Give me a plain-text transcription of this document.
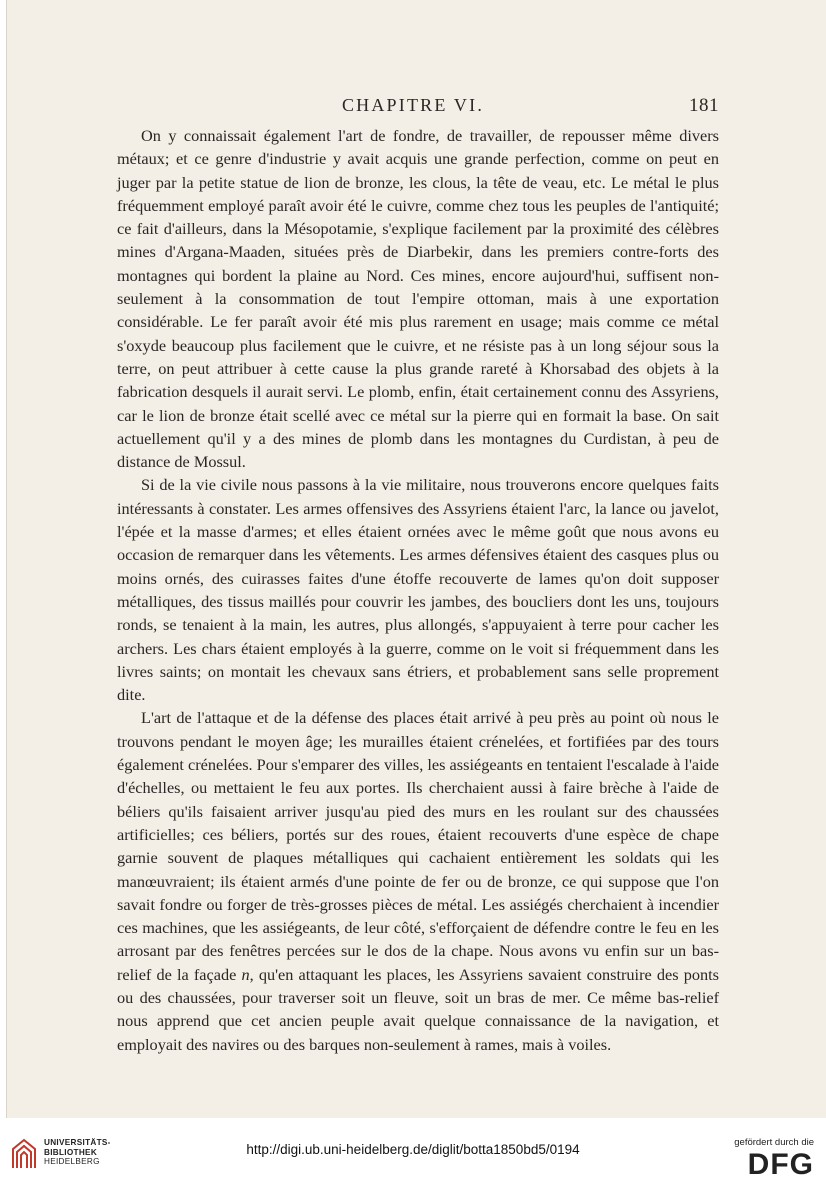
CHAPITRE VI.	181

On y connaissait également l'art de fondre, de travailler, de repousser même divers métaux; et ce genre d'industrie y avait acquis une grande perfection, comme on peut en juger par la petite statue de lion de bronze, les clous, la tête de veau, etc. Le métal le plus fréquemment employé paraît avoir été le cuivre, comme chez tous les peuples de l'antiquité; ce fait d'ailleurs, dans la Mésopotamie, s'explique facilement par la proximité des célèbres mines d'Argana-Maaden, situées près de Diarbekir, dans les premiers contre-forts des montagnes qui bordent la plaine au Nord. Ces mines, encore aujourd'hui, suffisent non-seulement à la consommation de tout l'empire ottoman, mais à une exportation considérable. Le fer paraît avoir été mis plus rarement en usage; mais comme ce métal s'oxyde beaucoup plus facilement que le cuivre, et ne résiste pas à un long séjour sous la terre, on peut attribuer à cette cause la plus grande rareté à Khorsabad des objets à la fabrication desquels il aurait servi. Le plomb, enfin, était certainement connu des Assyriens, car le lion de bronze était scellé avec ce métal sur la pierre qui en formait la base. On sait actuellement qu'il y a des mines de plomb dans les montagnes du Curdistan, à peu de distance de Mossul.

Si de la vie civile nous passons à la vie militaire, nous trouverons encore quelques faits intéressants à constater. Les armes offensives des Assyriens étaient l'arc, la lance ou javelot, l'épée et la masse d'armes; et elles étaient ornées avec le même goût que nous avons eu occasion de remarquer dans les vêtements. Les armes défensives étaient des casques plus ou moins ornés, des cuirasses faites d'une étoffe recouverte de lames qu'on doit supposer métalliques, des tissus maillés pour couvrir les jambes, des boucliers dont les uns, toujours ronds, se tenaient à la main, les autres, plus allongés, s'appuyaient à terre pour cacher les archers. Les chars étaient employés à la guerre, comme on le voit si fréquemment dans les livres saints; on montait les chevaux sans étriers, et probablement sans selle proprement dite.

L'art de l'attaque et de la défense des places était arrivé à peu près au point où nous le trouvons pendant le moyen âge; les murailles étaient crénelées, et fortifiées par des tours également crénelées. Pour s'emparer des villes, les assiégeants en tentaient l'escalade à l'aide d'échelles, ou mettaient le feu aux portes. Ils cherchaient aussi à faire brèche à l'aide de béliers qu'ils faisaient arriver jusqu'au pied des murs en les roulant sur des chaussées artificielles; ces béliers, portés sur des roues, étaient recouverts d'une espèce de chape garnie souvent de plaques métalliques qui cachaient entièrement les soldats qui les manœuvraient; ils étaient armés d'une pointe de fer ou de bronze, ce qui suppose que l'on savait fondre ou forger de très-grosses pièces de métal. Les assiégés cherchaient à incendier ces machines, que les assiégeants, de leur côté, s'efforçaient de défendre contre le feu en les arrosant par des fenêtres percées sur le dos de la chape. Nous avons vu enfin sur un bas-relief de la façade n, qu'en attaquant les places, les Assyriens savaient construire des ponts ou des chaussées, pour traverser soit un fleuve, soit un bras de mer. Ce même bas-relief nous apprend que cet ancien peuple avait quelque connaissance de la navigation, et employait des navires ou des barques non-seulement à rames, mais à voiles.

UNIVERSITÄTS-
BIBLIOTHEK
HEIDELBERG
http://digi.ub.uni-heidelberg.de/diglit/botta1850bd5/0194	gefördert durch die
DFG
